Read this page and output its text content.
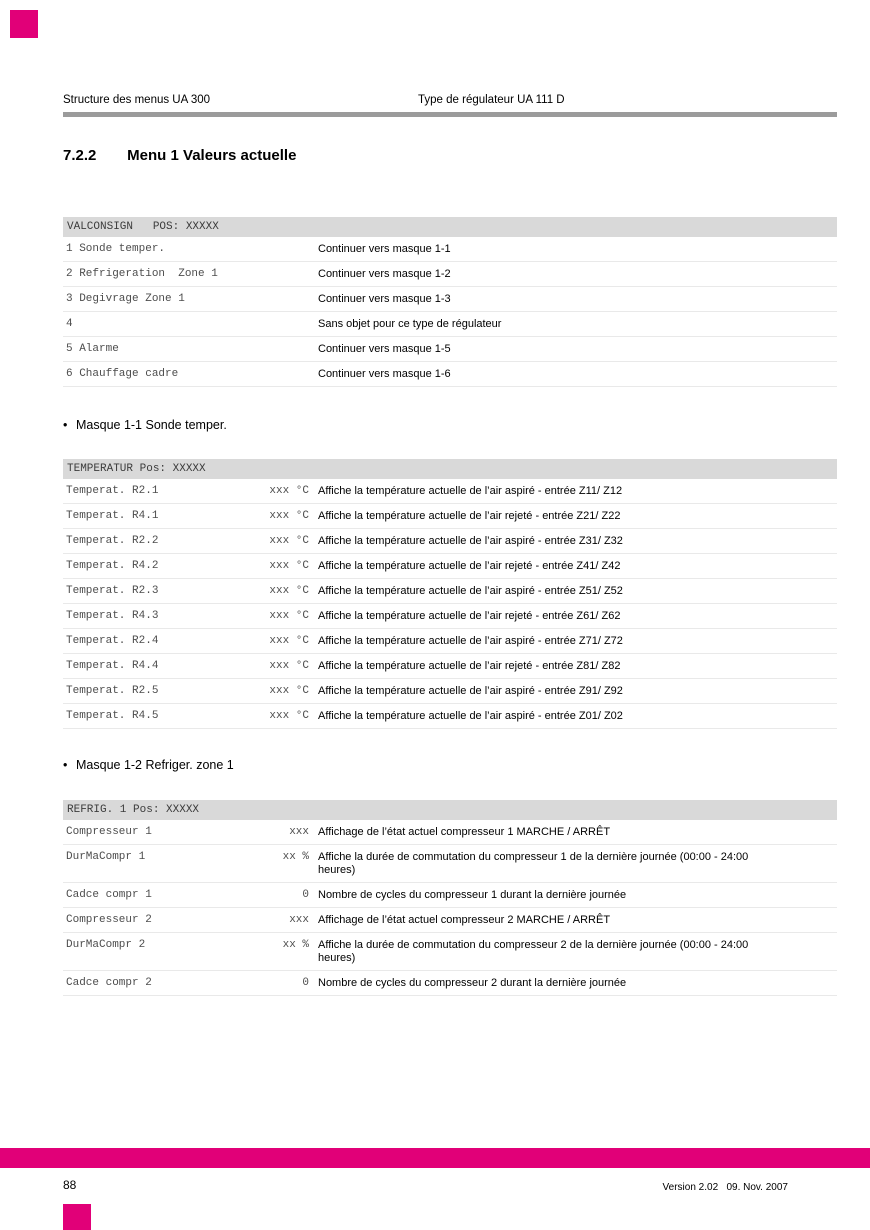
Structure des menus UA 300	Type de régulateur UA 111 D
7.2.2 Menu 1 Valeurs actuelle
VALCONSIGN   POS: XXXXX
1 Sonde temper.	Continuer vers masque 1-1
2 Refrigeration  Zone 1	Continuer vers masque 1-2
3 Degivrage Zone 1	Continuer vers masque 1-3
4	Sans objet pour ce type de régulateur
5 Alarme	Continuer vers masque 1-5
6 Chauffage cadre	Continuer vers masque 1-6
• Masque 1-1 Sonde temper.
TEMPERATUR Pos: XXXXX
Temperat. R2.1	xxx °C Affiche la température actuelle de l’air aspiré - entrée Z11/ Z12
Temperat. R4.1	xxx °C Affiche la température actuelle de l’air rejeté - entrée Z21/ Z22
Temperat. R2.2	xxx °C Affiche la température actuelle de l’air aspiré - entrée Z31/ Z32
Temperat. R4.2	xxx °C Affiche la température actuelle de l’air rejeté - entrée Z41/ Z42
Temperat. R2.3	xxx °C Affiche la température actuelle de l’air aspiré - entrée Z51/ Z52
Temperat. R4.3	xxx °C Affiche la température actuelle de l’air rejeté - entrée Z61/ Z62
Temperat. R2.4	xxx °C Affiche la température actuelle de l’air aspiré - entrée Z71/ Z72
Temperat. R4.4	xxx °C Affiche la température actuelle de l’air rejeté - entrée Z81/ Z82
Temperat. R2.5	xxx °C Affiche la température actuelle de l’air aspiré - entrée Z91/ Z92
Temperat. R4.5	xxx °C Affiche la température actuelle de l’air aspiré - entrée Z01/ Z02
• Masque 1-2 Refriger. zone 1
REFRIG. 1 Pos: XXXXX
Compresseur 1	xxx Affichage de l’état actuel compresseur 1 MARCHE / ARRÊT
DurMaCompr 1	xx % Affiche la durée de commutation du compresseur 1 de la dernière journée (00:00 - 24:00 heures)
Cadce compr 1	0 Nombre de cycles du compresseur 1 durant la dernière journée
Compresseur 2	xxx Affichage de l’état actuel compresseur 2 MARCHE / ARRÊT
DurMaCompr 2	xx % Affiche la durée de commutation du compresseur 2 de la dernière journée (00:00 - 24:00 heures)
Cadce compr 2	0 Nombre de cycles du compresseur 2 durant la dernière journée
88	Version 2.02   09. Nov. 2007
